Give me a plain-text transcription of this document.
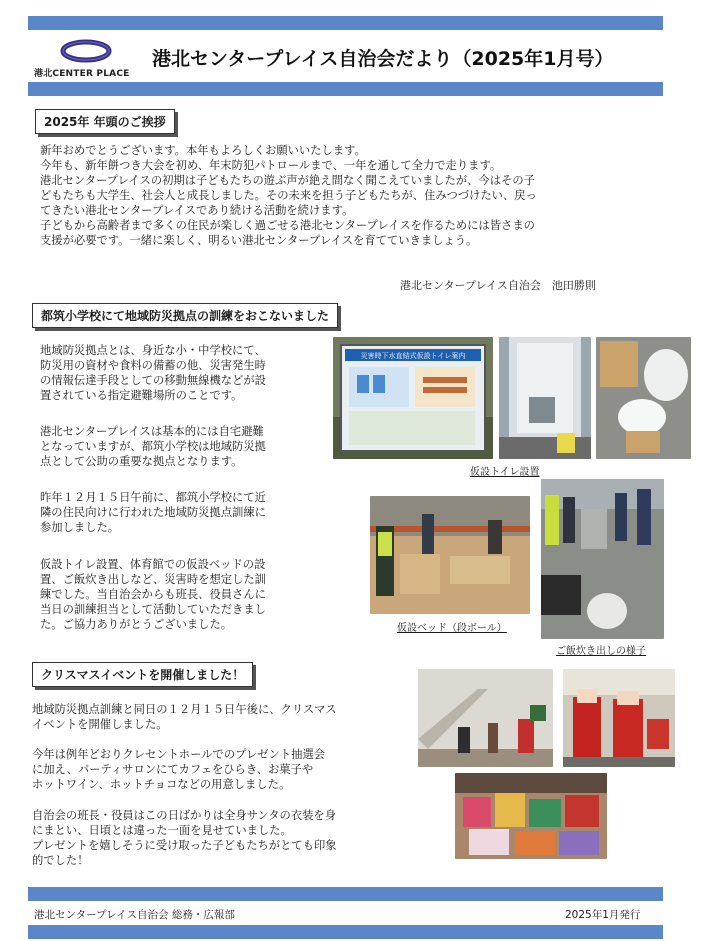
港北CENTER PLACE
港北センタープレイス自治会だより（2025年1月号）
2025年 年頭のご挨拶
新年おめでとうございます。本年もよろしくお願いいたします。
今年も、新年餅つき大会を初め、年末防犯パトロールまで、一年を通して全力で走ります。
港北センタープレイスの初期は子どもたちの遊ぶ声が絶え間なく聞こえていましたが、今はその子
どもたちも大学生、社会人と成長しました。その未来を担う子どもたちが、住みつづけたい、戻っ
てきたい港北センタープレイスであり続ける活動を続けます。
子どもから高齢者まで多くの住民が楽しく過ごせる港北センタープレイスを作るためには皆さまの
支援が必要です。一緒に楽しく、明るい港北センタープレイスを育てていきましょう。
港北センタープレイス自治会　池田勝則
都筑小学校にて地域防災拠点の訓練をおこないました
地域防災拠点とは、身近な小・中学校にて、
防災用の資材や食料の備蓄の他、災害発生時
の情報伝達手段としての移動無線機などが設
置されている指定避難場所のことです。
港北センタープレイスは基本的には自宅避難
となっていますが、都筑小学校は地域防災拠
点として公助の重要な拠点となります。
昨年１２月１５日午前に、都筑小学校にて近
隣の住民向けに行われた地域防災拠点訓練に
参加しました。
仮設トイレ設置、体育館での仮設ベッドの設
置、ご飯炊き出しなど、災害時を想定した訓
練でした。当自治会からも班長、役員さんに
当日の訓練担当として活動していただきまし
た。ご協力ありがとうございました。
災害時下水直結式仮設トイレ案内
仮設トイレ設置
仮設ベッド（段ボール）
ご飯炊き出しの様子
クリスマスイベントを開催しました！
地域防災拠点訓練と同日の１２月１５日午後に、クリスマス
イベントを開催しました。
今年は例年どおりクレセントホールでのプレゼント抽選会
に加え、パーティサロンにてカフェをひらき、お菓子や
ホットワイン、ホットチョコなどの用意しました。
自治会の班長・役員はこの日ばかりは全身サンタの衣装を身
にまとい、日頃とは違った一面を見せていました。
プレゼントを嬉しそうに受け取った子どもたちがとても印象
的でした！
港北センタープレイス自治会 総務・広報部	2025年1月発行
